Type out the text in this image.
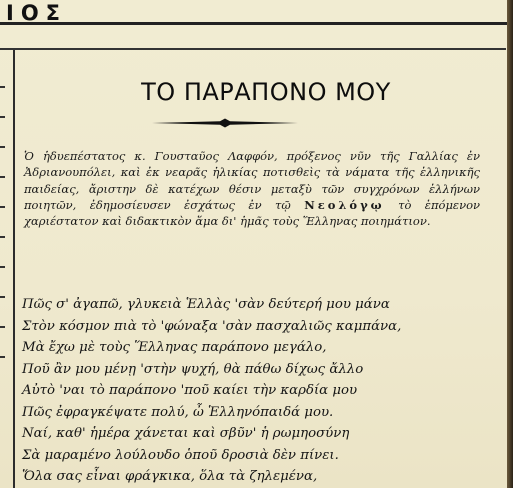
ΙΟΣ
ΤΟ ΠΑΡΑΠΟΝΟ ΜΟΥ

Ὁ ἡδυεπέστατος κ. Γουσταῦος Λαφφόν, πρόξενος νῦν τῆς Γαλλίας ἐν Ἀδριανουπόλει, καὶ ἐκ νεαρᾶς ἡλικίας ποτισθεὶς τὰ νάματα τῆς ἑλληνικῆς παιδείας, ἄριστην δὲ κατέχων θέσιν μεταξὺ τῶν συγχρόνων ἑλλήνων ποιητῶν, ἐδημοσίευσεν ἐσχάτως ἐν τῷ Νεολόγῳ τὸ ἑπόμενον χαριέστατον καὶ διδακτικὸν ἅμα δι' ἡμᾶς τοὺς Ἕλληνας ποιημάτιον.

Πῶς σ' ἀγαπῶ, γλυκειὰ Ἑλλὰς 'σὰν δεύτερή μου μάνα
Στὸν κόσμον πιὰ τὸ 'φώναξα 'σὰν πασχαλιῶς καμπάνα,
Μὰ ἔχω μὲ τοὺς Ἕλληνας παράπονο μεγάλο,
Ποῦ ἂν μου μένῃ 'στὴν ψυχή, θὰ πάθω δίχως ἄλλο
Αὐτὸ 'ναι τὸ παράπονο 'ποῦ καίει τὴν καρδία μου
Πῶς ἐφραγκέψατε πολύ, ὦ Ἑλληνόπαιδά μου.
Ναί, καθ' ἡμέρα χάνεται καὶ σβῦν' ἡ ρωμηοσύνη
Σὰ μαραμένο λούλουδο ὁποῦ δροσιὰ δὲν πίνει.
Ὅλα σας εἶναι φράγκικα, ὅλα τὰ ζηλεμένα,
